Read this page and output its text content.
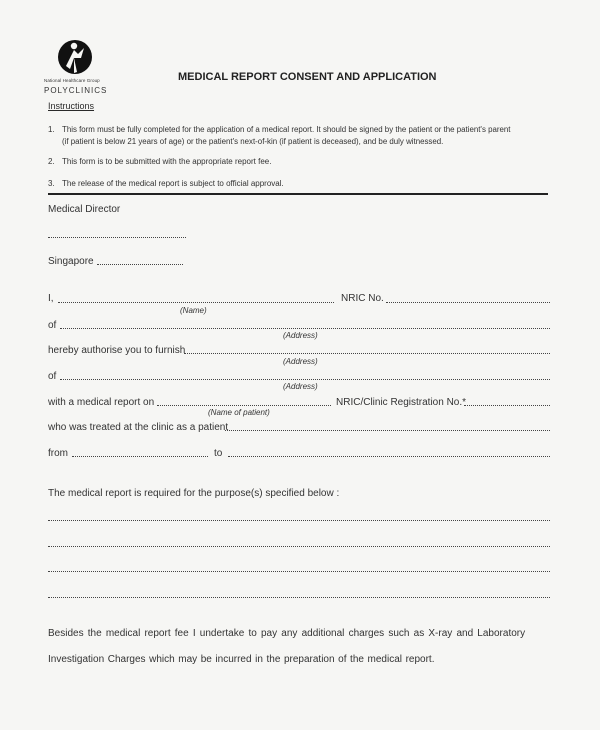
National Healthcare Group
POLYCLINICS
MEDICAL REPORT CONSENT AND APPLICATION
Instructions
1. This form must be fully completed for the application of a medical report. It should be signed by the patient or the patient's parent
(if patient is below 21 years of age) or the patient's next-of-kin (if patient is deceased), and be duly witnessed.
2. This form is to be submitted with the appropriate report fee.
3. The release of the medical report is subject to official approval.
Medical Director
Singapore
I,	NRIC No.
(Name)
of
(Address)
hereby authorise you to furnish
(Address)
of
(Address)
with a medical report on	NRIC/Clinic Registration No.*
(Name of patient)
who was treated at the clinic as a patient
from	to
The medical report is required for the purpose(s) specified below :
Besides the medical report fee I undertake to pay any additional charges such as X-ray and Laboratory
Investigation Charges which may be incurred in the preparation of the medical report.
